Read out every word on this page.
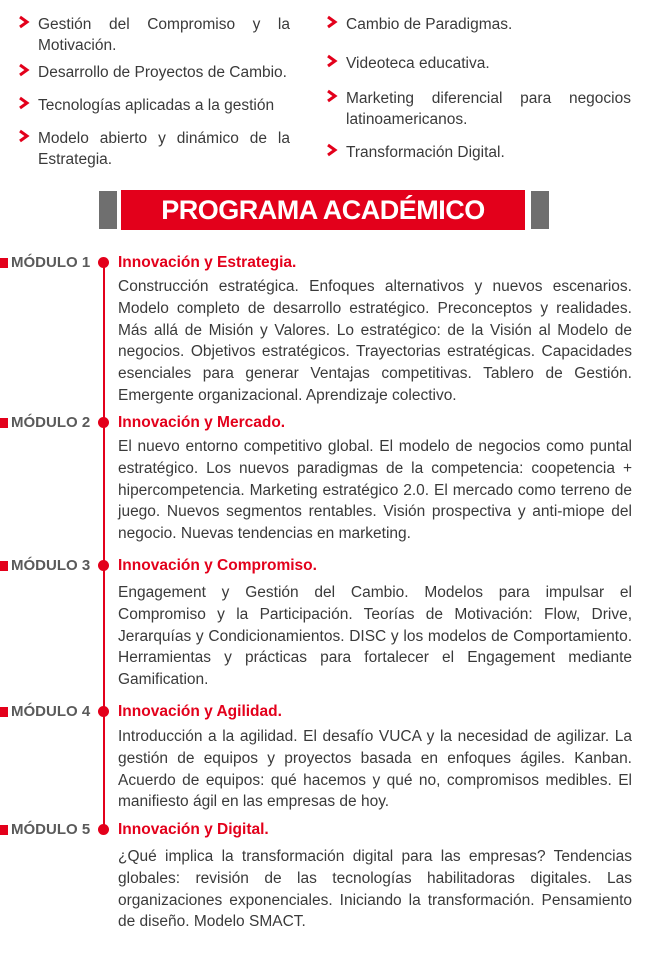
Gestión del Compromiso y la Motivación.
Desarrollo de Proyectos de Cambio.
Tecnologías aplicadas a la gestión
Modelo abierto y dinámico de la Estrategia.
Cambio de Paradigmas.
Videoteca educativa.
Marketing diferencial para negocios latinoamericanos.
Transformación Digital.
PROGRAMA ACADÉMICO
MÓDULO 1 Innovación y Estrategia.
Construcción estratégica. Enfoques alternativos y nuevos escenarios. Modelo completo de desarrollo estratégico. Preconceptos y realidades. Más allá de Misión y Valores. Lo estratégico: de la Visión al Modelo de negocios. Objetivos estratégicos. Trayectorias estratégicas. Capacidades esenciales para generar Ventajas competitivas. Tablero de Gestión. Emergente organizacional. Aprendizaje colectivo.
MÓDULO 2 Innovación y Mercado.
El nuevo entorno competitivo global. El modelo de negocios como puntal estratégico. Los nuevos paradigmas de la competencia: coopetencia + hipercompetencia. Marketing estratégico 2.0. El mercado como terreno de juego. Nuevos segmentos rentables. Visión prospectiva y anti-miope del negocio. Nuevas tendencias en marketing.
MÓDULO 3 Innovación y Compromiso.
Engagement y Gestión del Cambio. Modelos para impulsar el Compromiso y la Participación. Teorías de Motivación: Flow, Drive, Jerarquías y Condicionamientos. DISC y los modelos de Comportamiento. Herramientas y prácticas para fortalecer el Engagement mediante Gamification.
MÓDULO 4 Innovación y Agilidad.
Introducción a la agilidad. El desafío VUCA y la necesidad de agilizar. La gestión de equipos y proyectos basada en enfoques ágiles. Kanban. Acuerdo de equipos: qué hacemos y qué no, compromisos medibles. El manifiesto ágil en las empresas de hoy.
MÓDULO 5 Innovación y Digital.
¿Qué implica la transformación digital para las empresas? Tendencias globales: revisión de las tecnologías habilitadoras digitales. Las organizaciones exponenciales. Iniciando la transformación. Pensamiento de diseño. Modelo SMACT.
